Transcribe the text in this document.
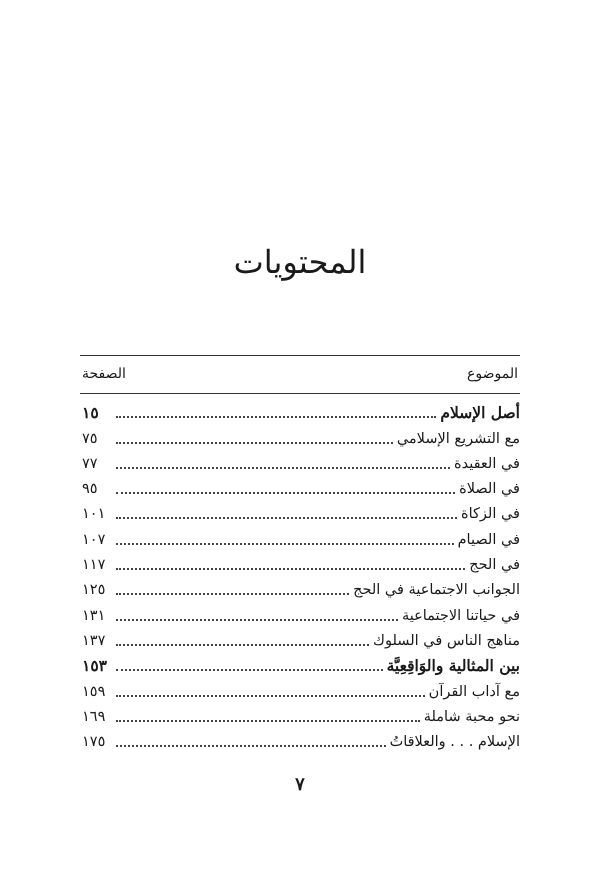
المحتويات
الموضوع
الصفحة
أصل الإسلام
١٥
مع التشريع الإسلامي
٧٥
في العقيدة
٧٧
في الصلاة
٩٥
في الزكاة
١٠١
في الصيام
١٠٧
في الحج
١١٧
الجوانب الاجتماعية في الحج
١٢٥
في حياتنا الاجتماعية
١٣١
مناهج الناس في السلوك
١٣٧
بين المثالية والوَاقِعِيَّة
١٥٣
مع آداب القرآن
١٥٩
نحو محبة شاملة
١٦٩
الإسلام . . . والعلاقاتُ
١٧٥
٧
